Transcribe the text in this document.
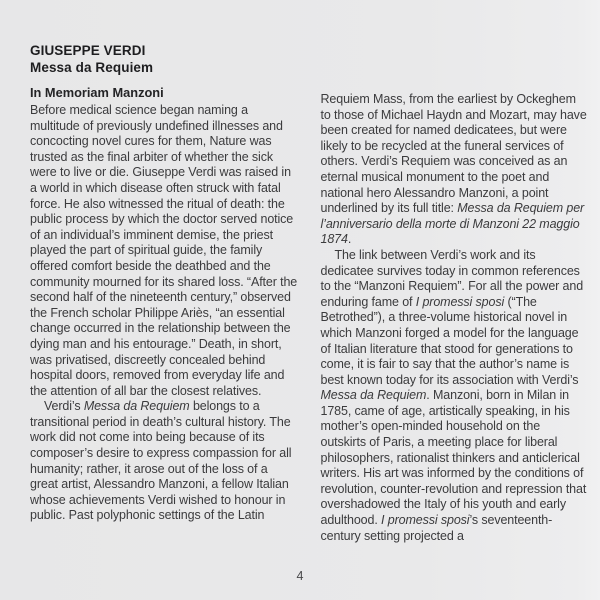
GIUSEPPE VERDI
Messa da Requiem
In Memoriam Manzoni

Before medical science began naming a multitude of previously undefined illnesses and concocting novel cures for them, Nature was trusted as the final arbiter of whether the sick were to live or die. Giuseppe Verdi was raised in a world in which disease often struck with fatal force. He also witnessed the ritual of death: the public process by which the doctor served notice of an individual’s imminent demise, the priest played the part of spiritual guide, the family offered comfort beside the deathbed and the community mourned for its shared loss. “After the second half of the nineteenth century,” observed the French scholar Philippe Ariès, “an essential change occurred in the relationship between the dying man and his entourage.” Death, in short, was privatised, discreetly concealed behind hospital doors, removed from everyday life and the attention of all bar the closest relatives.

Verdi’s Messa da Requiem belongs to a transitional period in death’s cultural history. The work did not come into being because of its composer’s desire to express compassion for all humanity; rather, it arose out of the loss of a great artist, Alessandro Manzoni, a fellow Italian whose achievements Verdi wished to honour in public. Past polyphonic settings of the Latin

Requiem Mass, from the earliest by Ockeghem to those of Michael Haydn and Mozart, may have been created for named dedicatees, but were likely to be recycled at the funeral services of others. Verdi’s Requiem was conceived as an eternal musical monument to the poet and national hero Alessandro Manzoni, a point underlined by its full title: Messa da Requiem per l’anniversario della morte di Manzoni 22 maggio 1874.

The link between Verdi’s work and its dedicatee survives today in common references to the “Manzoni Requiem”. For all the power and enduring fame of I promessi sposi (“The Betrothed”), a three-volume historical novel in which Manzoni forged a model for the language of Italian literature that stood for generations to come, it is fair to say that the author’s name is best known today for its association with Verdi’s Messa da Requiem. Manzoni, born in Milan in 1785, came of age, artistically speaking, in his mother’s open-minded household on the outskirts of Paris, a meeting place for liberal philosophers, rationalist thinkers and anticlerical writers. His art was informed by the conditions of revolution, counter-revolution and repression that overshadowed the Italy of his youth and early adulthood. I promessi sposi’s seventeenth-century setting projected a

4
